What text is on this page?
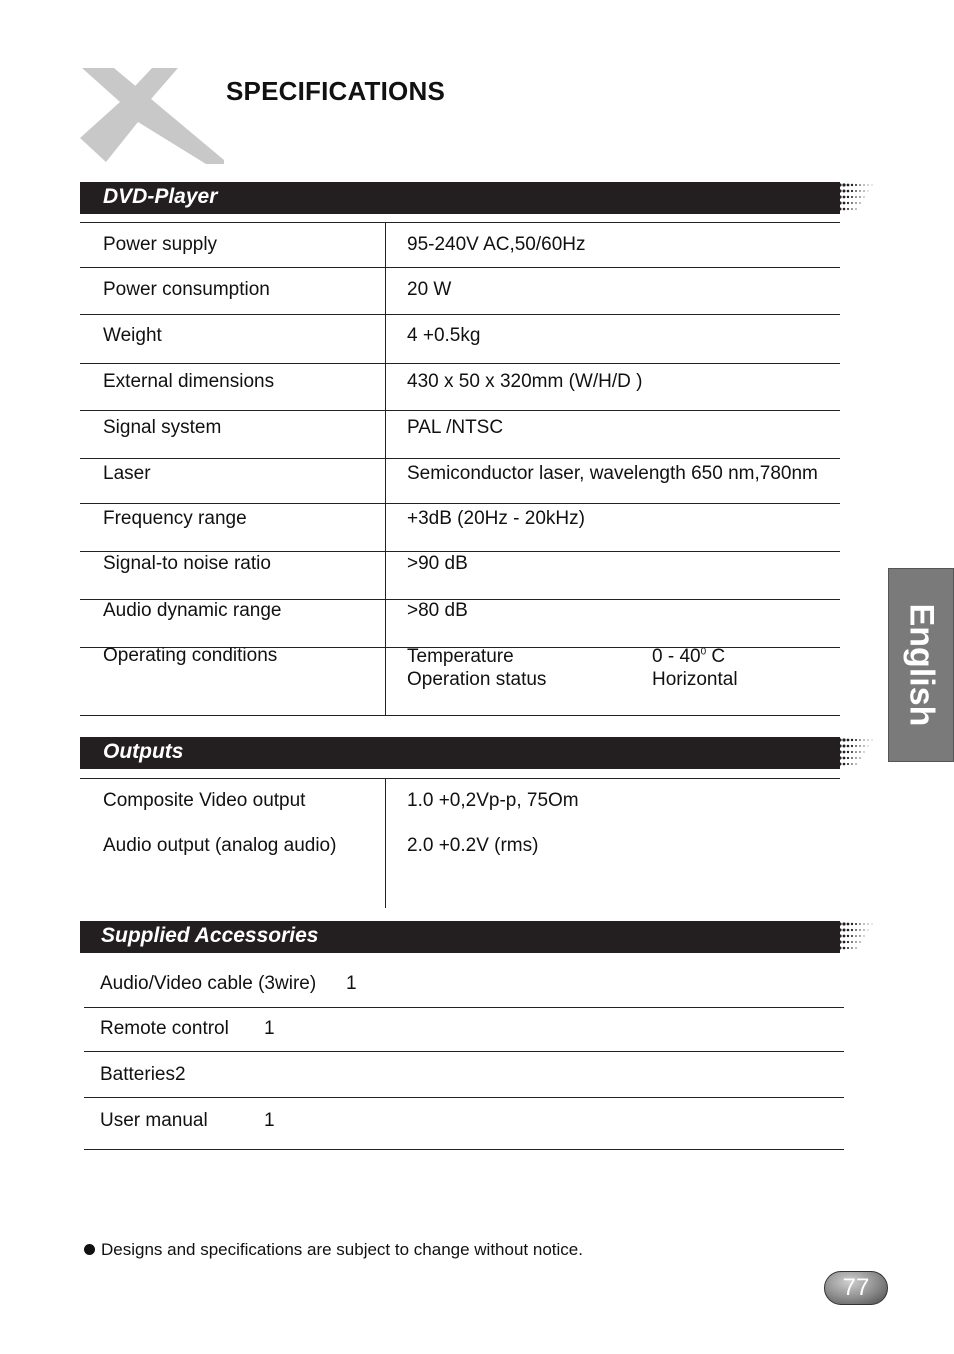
SPECIFICATIONS
DVD-Player
Power supply	95-240V AC,50/60Hz
Power consumption	20 W
Weight	4 +0.5kg
External dimensions	430 x 50 x 320mm (W/H/D )
Signal system	PAL /NTSC
Laser	Semiconductor laser, wavelength 650 nm,780nm
Frequency range	+3dB (20Hz - 20kHz)
Signal-to noise ratio	>90 dB
Audio dynamic range	>80 dB
Operating conditions	Temperature	$0 - 40^0$ C
Operation status	Horizontal
Outputs
Composite Video output	1.0 +0,2Vp-p, 75Om
Audio output (analog audio)	2.0 +0.2V (rms)
Supplied Accessories
Audio/Video cable (3wire) 1
Remote control 1
Batteries2
User manual	1
Designs and specifications are subject to change without notice.
English
77
